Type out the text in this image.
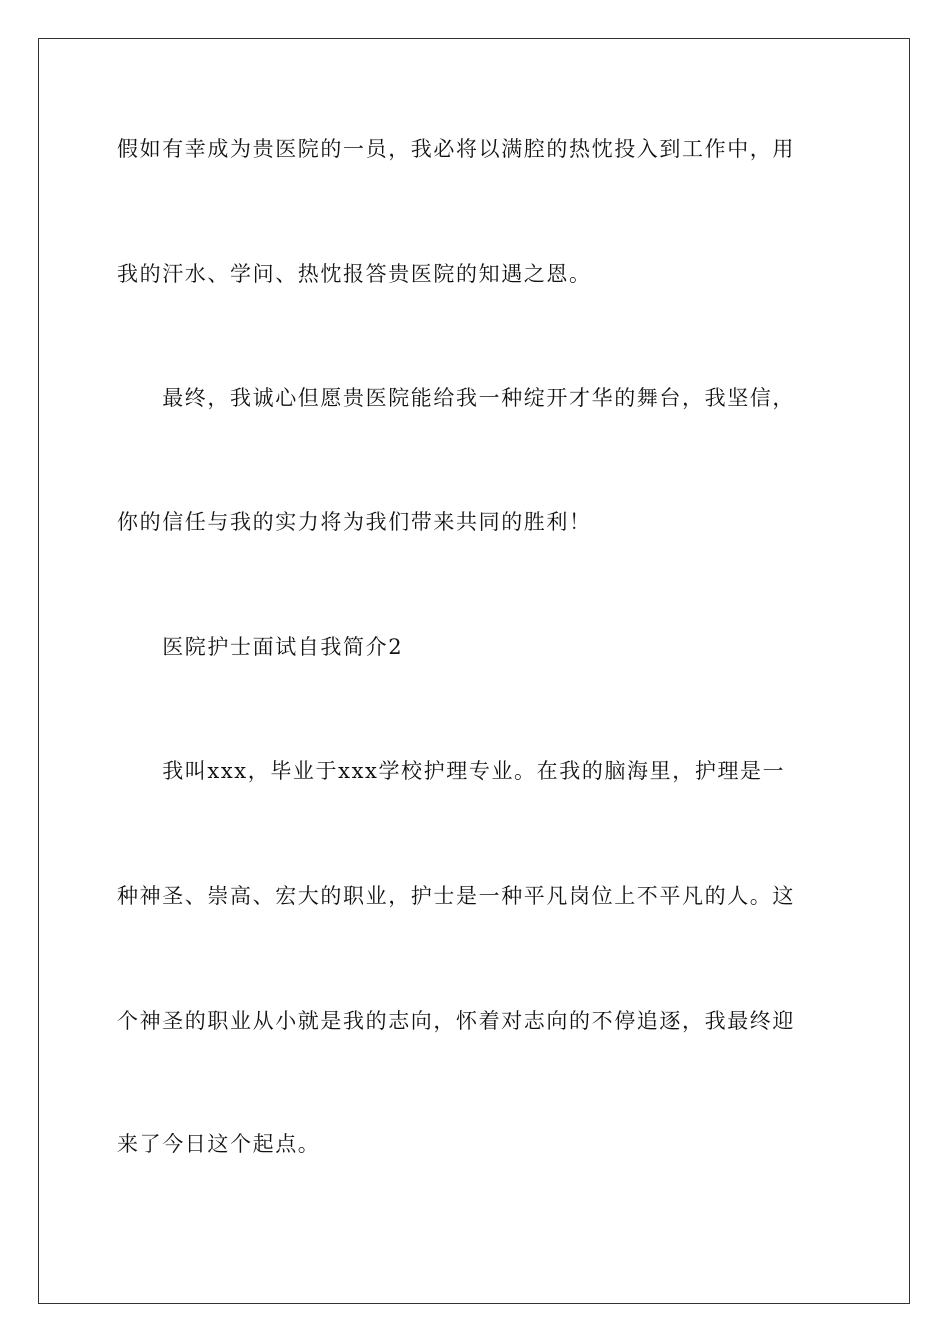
假如有幸成为贵医院的一员，我必将以满腔的热忱投入到工作中，用
我的汗水、学问、热忱报答贵医院的知遇之恩。
　　最终，我诚心但愿贵医院能给我一种绽开才华的舞台，我坚信，
你的信任与我的实力将为我们带来共同的胜利！
　　医院护士面试自我简介2
　　我叫xxx，毕业于xxx学校护理专业。在我的脑海里，护理是一
种神圣、崇高、宏大的职业，护士是一种平凡岗位上不平凡的人。这
个神圣的职业从小就是我的志向，怀着对志向的不停追逐，我最终迎
来了今日这个起点。
